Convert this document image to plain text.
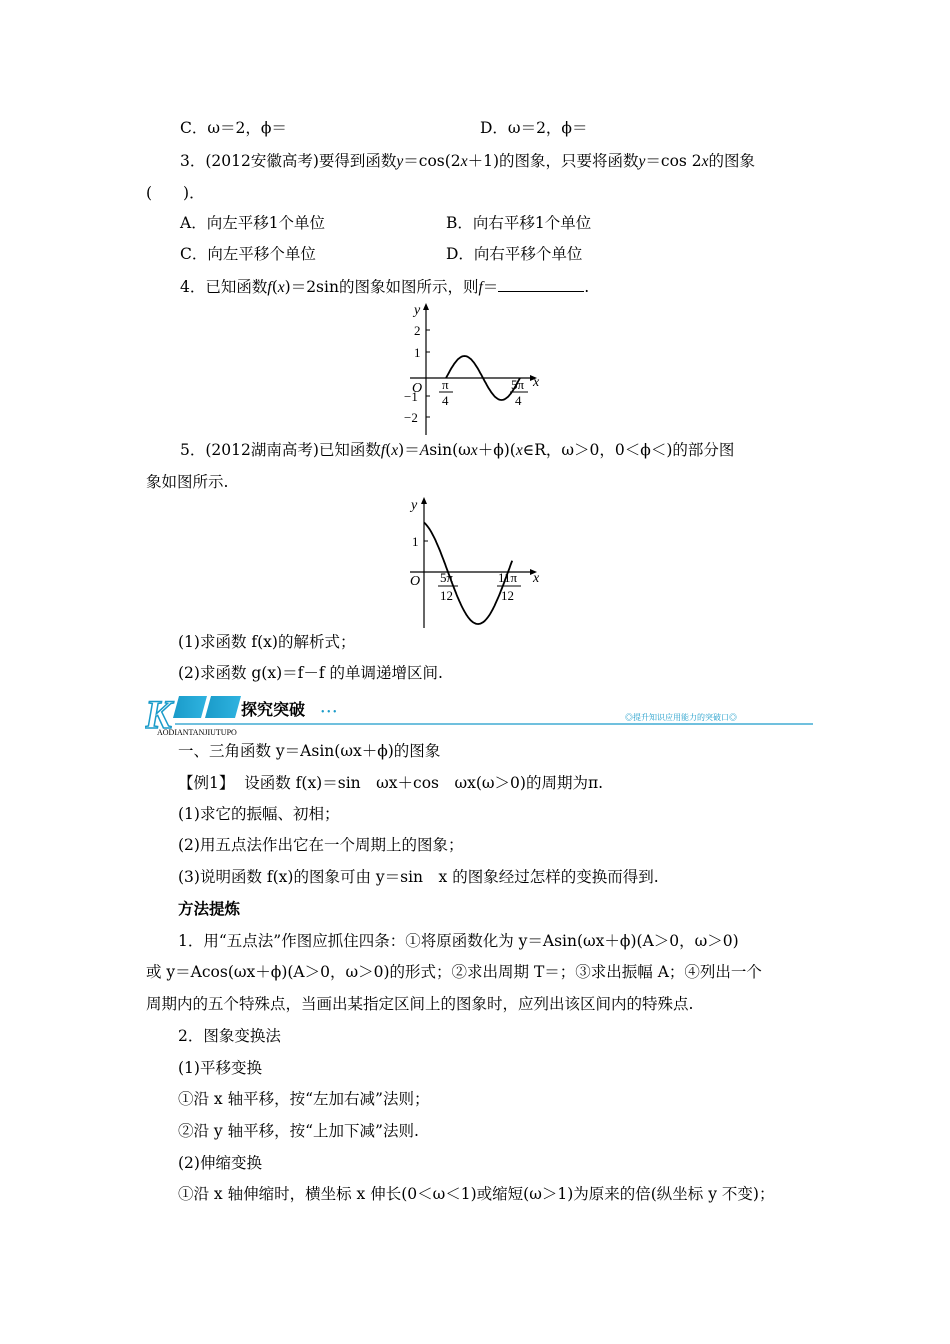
C．ω＝2，ϕ＝	D．ω＝2，ϕ＝
3．(2012安徽高考)要得到函数y＝cos(2x＋1)的图象，只要将函数y＝cos 2x的图象
(　　)．
A．向左平移1个单位	B．向右平移1个单位
C．向左平移个单位	D．向右平移个单位
4．已知函数f(x)＝2sin的图象如图所示，则f＝	.
y
x
O
2
1
−1
−2
π
4
5π
4
5．(2012湖南高考)已知函数f(x)＝Asin(ωx＋ϕ)(x∈R，ω＞0，0＜ϕ＜)的部分图
象如图所示.
y
x
O
1
5π
12
11π
12
(1)求函数 f(x)的解析式；
(2)求函数 g(x)＝f－f 的单调递增区间.
K	探究突破 • • •
AODIANTANJIUTUPO
◎提升知识应用能力的突破口◎
一、三角函数 y＝Asin(ωx＋ϕ)的图象
【例1】 设函数 f(x)＝sin　ωx＋cos　ωx(ω＞0)的周期为π.
(1)求它的振幅、初相；
(2)用五点法作出它在一个周期上的图象；
(3)说明函数 f(x)的图象可由 y＝sin　x 的图象经过怎样的变换而得到.
方法提炼
1．用“五点法”作图应抓住四条：①将原函数化为 y＝Asin(ωx＋ϕ)(A＞0，ω＞0)
或 y＝Acos(ωx＋ϕ)(A＞0，ω＞0)的形式；②求出周期 T＝；③求出振幅 A；④列出一个
周期内的五个特殊点，当画出某指定区间上的图象时，应列出该区间内的特殊点.
2．图象变换法
(1)平移变换
①沿 x 轴平移，按“左加右减”法则；
②沿 y 轴平移，按“上加下减”法则.
(2)伸缩变换
①沿 x 轴伸缩时，横坐标 x 伸长(0＜ω＜1)或缩短(ω＞1)为原来的倍(纵坐标 y 不变)；
